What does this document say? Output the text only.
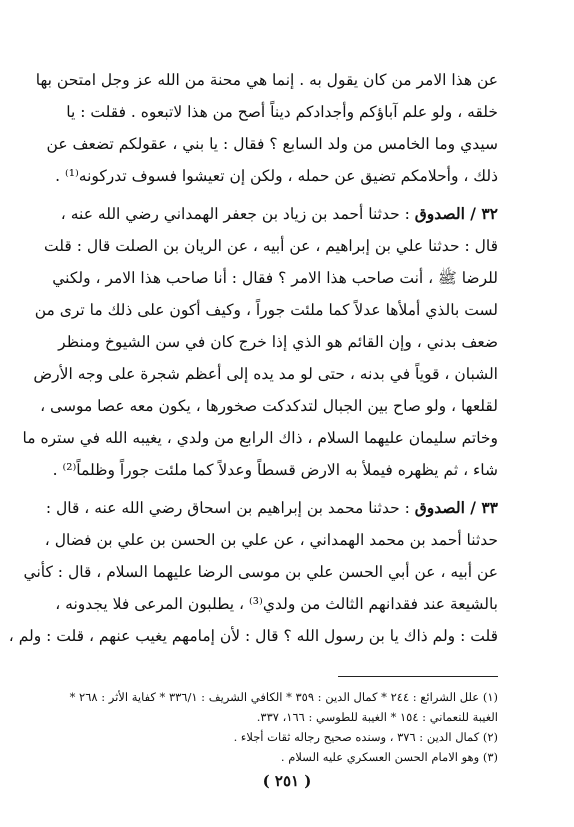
عن هذا الامر من كان يقول به . إنما هي محنة من الله عز وجل امتحن بها

خلقه ، ولو علم آباؤكم وأجدادكم ديناً أصح من هذا لاتبعوه . فقلت : يا

سيدي وما الخامس من ولد السابع ؟ فقال : يا بني ، عقولكم تضعف عن

ذلك ، وأحلامكم تضيق عن حمله ، ولكن إن تعيشوا فسوف تدركونه⁽¹⁾ .

٣٢ / الصدوق : حدثنا أحمد بن زياد بن جعفر الهمداني رضي الله عنه ،

قال : حدثنا علي بن إبراهيم ، عن أبيه ، عن الريان بن الصلت قال : قلت

للرضا ﷺ ، أنت صاحب هذا الامر ؟ فقال : أنا صاحب هذا الامر ، ولكني

لست بالذي أملأها عدلاً كما ملئت جوراً ، وكيف أكون على ذلك ما ترى من

ضعف بدني ، وإن القائم هو الذي إذا خرج كان في سن الشيوخ ومنظر

الشبان ، قوياً في بدنه ، حتى لو مد يده إلى أعظم شجرة على وجه الأرض

لقلعها ، ولو صاح بين الجبال لتدكدكت صخورها ، يكون معه عصا موسى ،

وخاتم سليمان عليهما السلام ، ذاك الرابع من ولدي ، يغيبه الله في ستره ما

شاء ، ثم يظهره فيملأ به الارض قسطاً وعدلاً كما ملئت جوراً وظلماً⁽²⁾ .

٣٣ / الصدوق : حدثنا محمد بن إبراهيم بن اسحاق رضي الله عنه ، قال :

حدثنا أحمد بن محمد الهمداني ، عن علي بن الحسن بن علي بن فضال ،

عن أبيه ، عن أبي الحسن علي بن موسى الرضا عليهما السلام ، قال : كأني

بالشيعة عند فقدانهم الثالث من ولدي⁽³⁾ ، يطلبون المرعى فلا يجدونه ،

قلت : ولم ذاك يا بن رسول الله ؟ قال : لأن إمامهم يغيب عنهم ، قلت : ولم ،

(١) علل الشرائع : ٢٤٤ * كمال الدين : ٣٥٩ * الكافي الشريف : ٣٣٦/١ * كفاية الأثر : ٢٦٨ *

الغيبة للنعماني : ١٥٤ * الغيبة للطوسي : ١٦٦، ٣٣٧.

(٢) كمال الدين : ٣٧٦ ، وسنده صحيح رجاله ثقات أجلاء .

(٣) وهو الامام الحسن العسكري عليه السلام .

( ٢٥١ )
